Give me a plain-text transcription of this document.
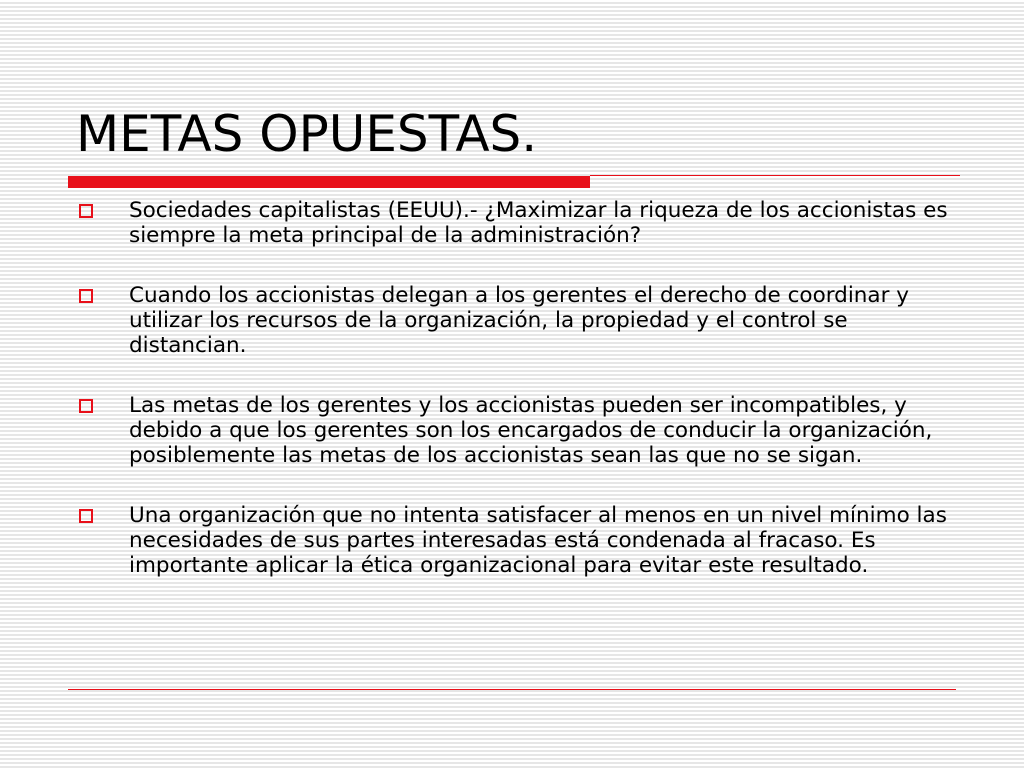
METAS OPUESTAS.
Sociedades capitalistas (EEUU).- ¿Maximizar la riqueza de los accionistas es siempre la meta principal de la administración?
Cuando los accionistas delegan a los gerentes el derecho de coordinar y utilizar los recursos de la organización, la propiedad y el control se distancian.
Las metas de los gerentes y los accionistas pueden ser incompatibles, y debido a que los gerentes son los encargados de conducir la organización, posiblemente las metas de los accionistas sean las que no se sigan.
Una organización que no intenta satisfacer al menos en un nivel mínimo las necesidades de sus partes interesadas está condenada al fracaso. Es importante aplicar la ética organizacional para evitar este resultado.
